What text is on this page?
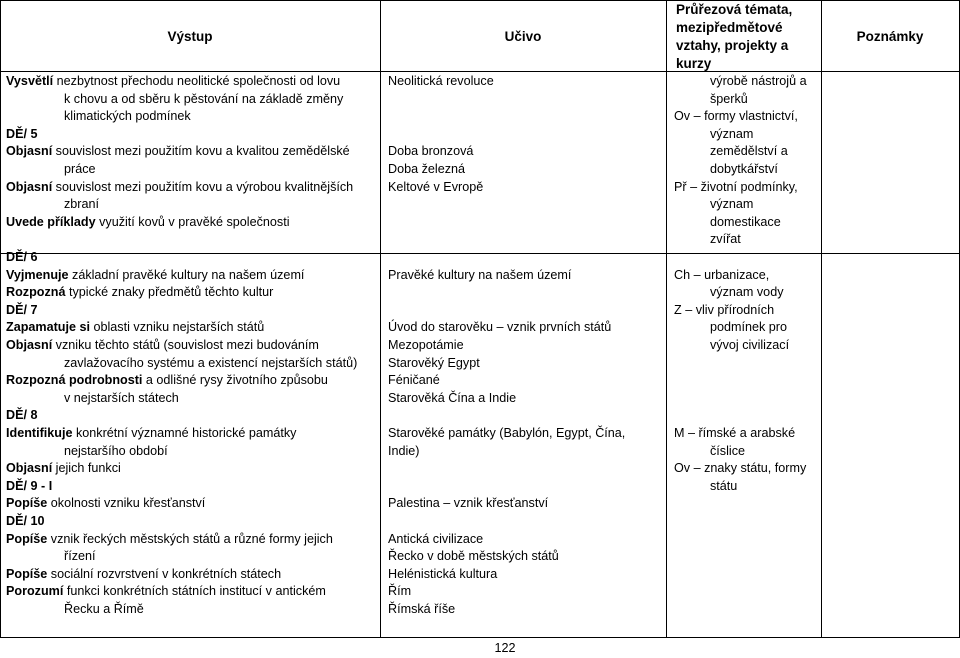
Výstup	Učivo
Průřezová témata, mezipředmětové vztahy, projekty a kurzy
Poznámky
Vysvětlí nezbytnost přechodu neolitické společnosti od lovu
k chovu a od sběru k pěstování na základě změny
klimatických podmínek
DĚ/ 5
Objasní souvislost mezi použitím kovu a kvalitou zemědělské
práce
Objasní souvislost mezi použitím kovu a výrobou kvalitnějších
zbraní
Uvede příklady využití kovů v pravěké společnosti
Neolitická revoluce
Doba bronzová
Doba železná
Keltové v Evropě
výrobě nástrojů a
šperků
Ov – formy vlastnictví,
význam
zemědělství a
dobytkářství
Př – životní podmínky,
význam
domestikace
zvířat
DĚ/ 6
Vyjmenuje základní pravěké kultury na našem území
Rozpozná typické znaky předmětů těchto kultur
DĚ/ 7
Zapamatuje si oblasti vzniku nejstarších států
Objasní vzniku těchto států (souvislost mezi budováním
zavlažovacího systému a existencí nejstarších států)
Rozpozná podrobnosti a odlišné rysy životního způsobu
v nejstarších státech
DĚ/ 8
Identifikuje konkrétní významné historické památky
nejstaršího období
Objasní jejich funkci
DĚ/ 9 - I
Popíše okolnosti vzniku křesťanství
DĚ/ 10
Popíše vznik řeckých městských států a různé formy jejich
řízení
Popíše sociální rozvrstvení v konkrétních státech
Porozumí funkci konkrétních státních institucí v antickém
Řecku a Římě
Pravěké kultury na našem území
Úvod do starověku – vznik prvních států
Mezopotámie
Starověký Egypt
Féničané
Starověká Čína a Indie
Starověké památky (Babylón, Egypt, Čína,
Indie)
Palestina – vznik křesťanství
Antická civilizace
Řecko v době městských států
Helénistická kultura
Řím
Římská říše
Ch – urbanizace,
význam vody
Z – vliv přírodních
podmínek pro
vývoj civilizací
M – římské a arabské
číslice
Ov – znaky státu, formy
státu
122
